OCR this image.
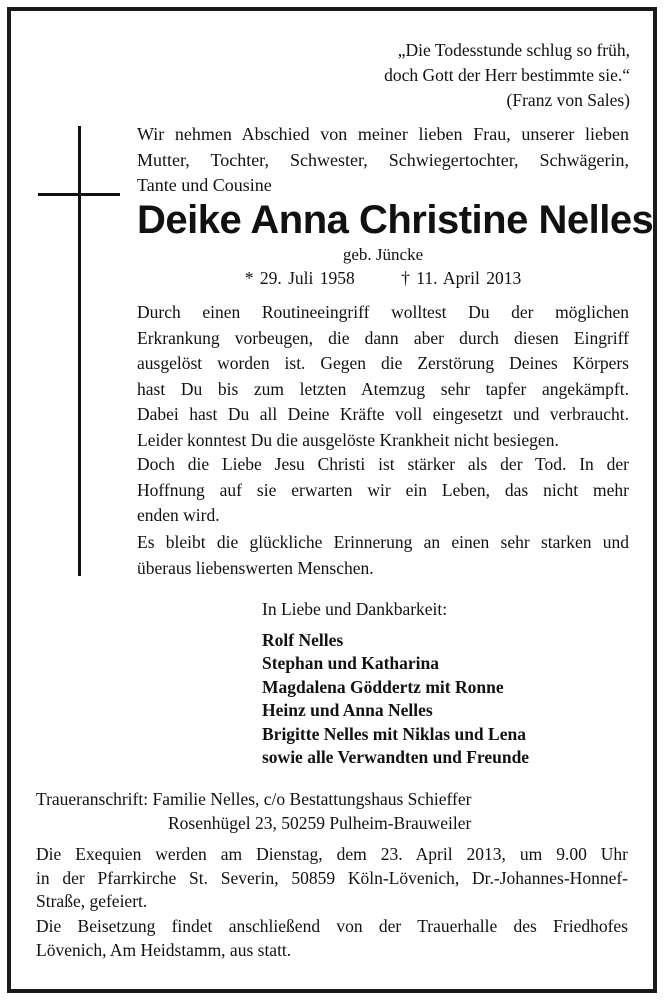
„Die Todesstunde schlug so früh,
doch Gott der Herr bestimmte sie.“
(Franz von Sales)
Wir nehmen Abschied von meiner lieben Frau, unserer lieben
Mutter, Tochter, Schwester, Schwiegertochter, Schwägerin,
Tante und Cousine
Deike Anna Christine Nelles
geb. Jüncke
* 29. Juli 1958	† 11. April 2013
Durch einen Routineeingriff wolltest Du der möglichen
Erkrankung vorbeugen, die dann aber durch diesen Eingriff
ausgelöst worden ist. Gegen die Zerstörung Deines Körpers
hast Du bis zum letzten Atemzug sehr tapfer angekämpft.
Dabei hast Du all Deine Kräfte voll eingesetzt und verbraucht.
Leider konntest Du die ausgelöste Krankheit nicht besiegen.
Doch die Liebe Jesu Christi ist stärker als der Tod. In der
Hoffnung auf sie erwarten wir ein Leben, das nicht mehr
enden wird.
Es bleibt die glückliche Erinnerung an einen sehr starken und
überaus liebenswerten Menschen.
In Liebe und Dankbarkeit:
Rolf Nelles
Stephan und Katharina
Magdalena Göddertz mit Ronne
Heinz und Anna Nelles
Brigitte Nelles mit Niklas und Lena
sowie alle Verwandten und Freunde
Traueranschrift: Familie Nelles, c/o Bestattungshaus Schieffer
Rosenhügel 23, 50259 Pulheim-Brauweiler
Die Exequien werden am Dienstag, dem 23. April 2013, um 9.00 Uhr
in der Pfarrkirche St. Severin, 50859 Köln-Lövenich, Dr.-Johannes-Honnef-
Straße, gefeiert.
Die Beisetzung findet anschließend von der Trauerhalle des Friedhofes
Lövenich, Am Heidstamm, aus statt.
